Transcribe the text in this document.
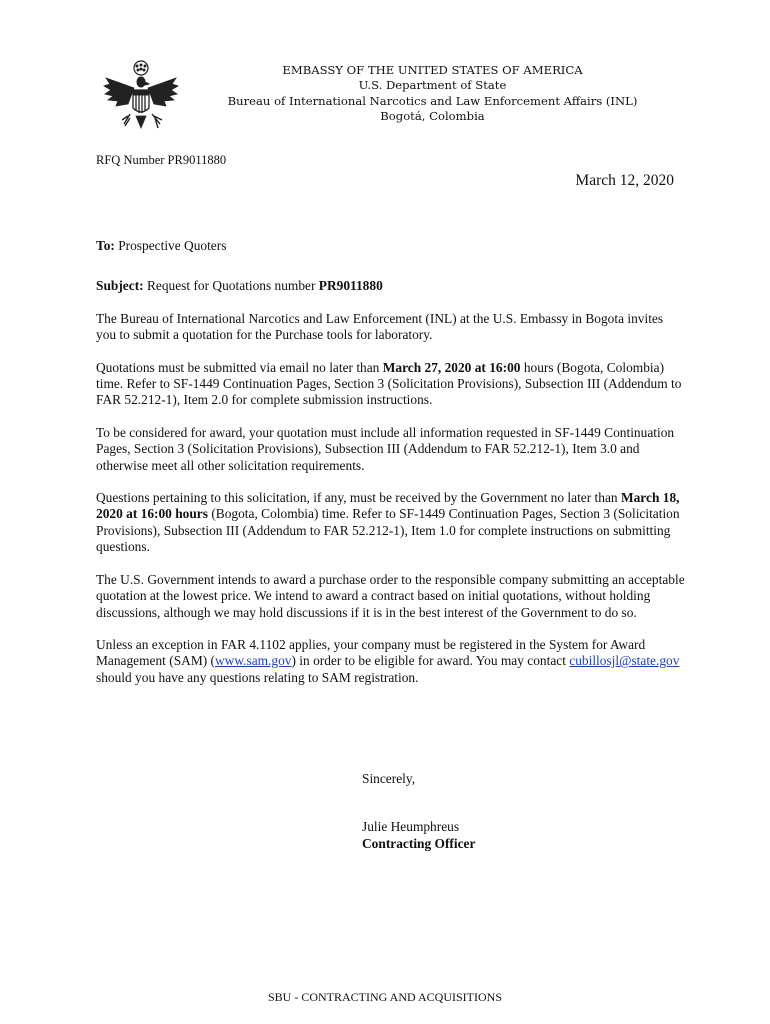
EMBASSY OF THE UNITED STATES OF AMERICA
U.S. Department of State
Bureau of International Narcotics and Law Enforcement Affairs (INL)
Bogotá, Colombia
RFQ Number PR9011880
March 12, 2020

To: Prospective Quoters

Subject: Request for Quotations number PR9011880

The Bureau of International Narcotics and Law Enforcement (INL) at the U.S. Embassy in Bogota invites you to submit a quotation for the Purchase tools for laboratory.

Quotations must be submitted via email no later than March 27, 2020 at 16:00 hours (Bogota, Colombia) time. Refer to SF-1449 Continuation Pages, Section 3 (Solicitation Provisions), Subsection III (Addendum to FAR 52.212-1), Item 2.0 for complete submission instructions.

To be considered for award, your quotation must include all information requested in SF-1449 Continuation Pages, Section 3 (Solicitation Provisions), Subsection III (Addendum to FAR 52.212-1), Item 3.0 and otherwise meet all other solicitation requirements.

Questions pertaining to this solicitation, if any, must be received by the Government no later than March 18, 2020 at 16:00 hours (Bogota, Colombia) time. Refer to SF-1449 Continuation Pages, Section 3 (Solicitation Provisions), Subsection III (Addendum to FAR 52.212-1), Item 1.0 for complete instructions on submitting questions.

The U.S. Government intends to award a purchase order to the responsible company submitting an acceptable quotation at the lowest price. We intend to award a contract based on initial quotations, without holding discussions, although we may hold discussions if it is in the best interest of the Government to do so.

Unless an exception in FAR 4.1102 applies, your company must be registered in the System for Award Management (SAM) (www.sam.gov) in order to be eligible for award. You may contact cubillosjl@state.gov should you have any questions relating to SAM registration.

Sincerely,
Julie Heumphreus
Contracting Officer
SBU - CONTRACTING AND ACQUISITIONS
